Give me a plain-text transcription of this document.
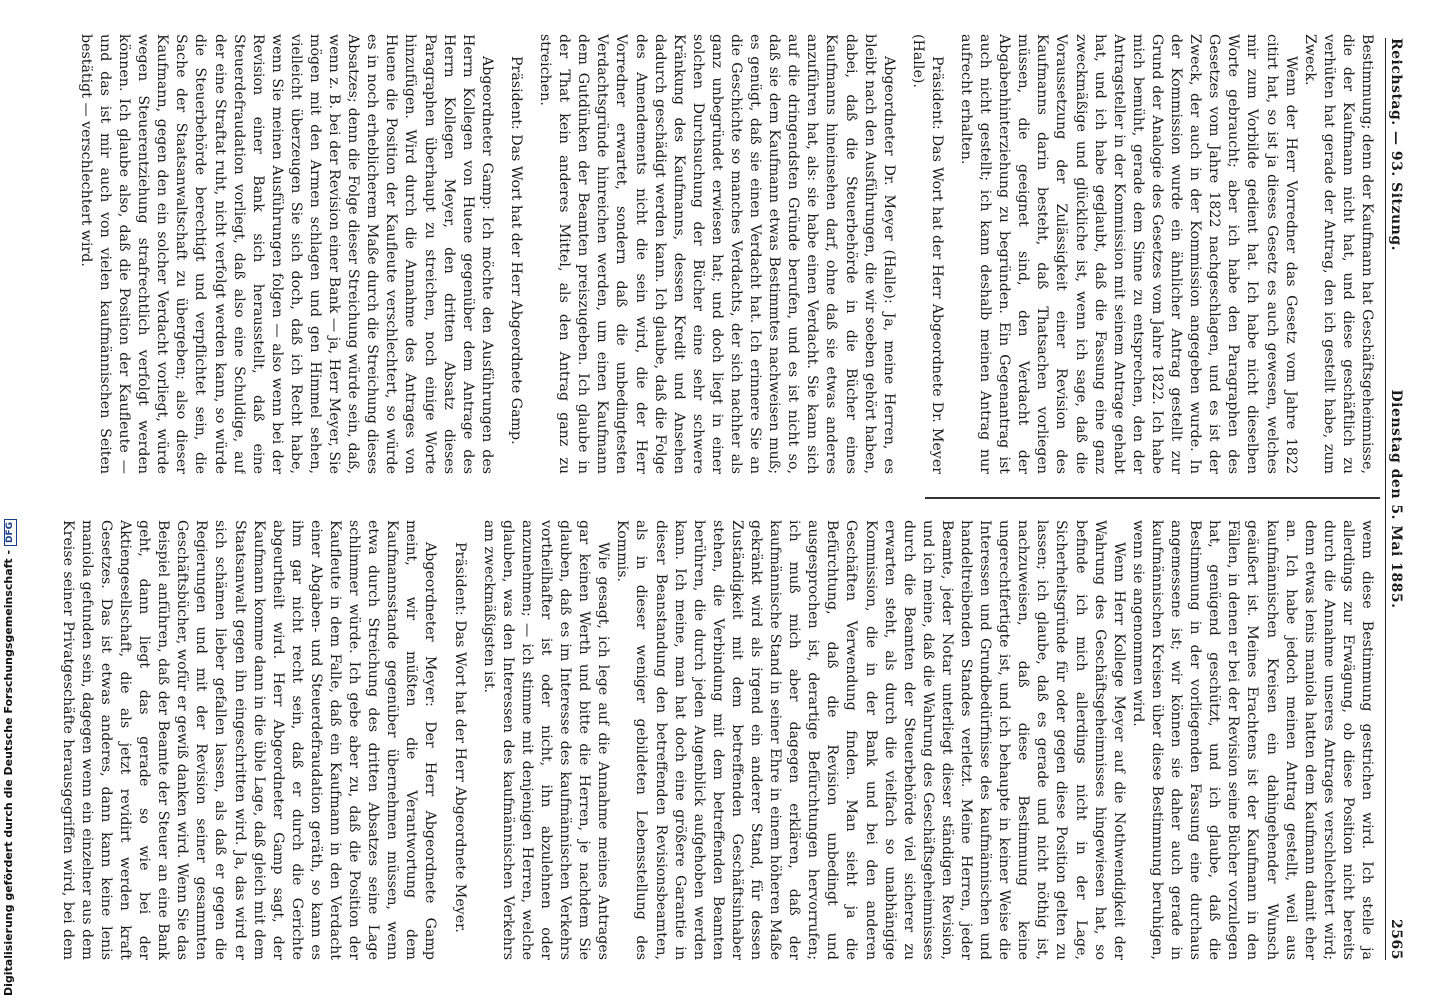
Reichstag. — 93. Sitzung.
Dienstag den 5. Mai 1885.
2565

Bestimmung; denn der Kaufmann hat Geschäftsgeheimnisse, die der Kaufmann nicht hat, und diese geschäftlich zu verhüten hat gerade der Antrag, den ich gestellt habe, zum Zweck.

Wenn der Herr Vorredner das Gesetz vom Jahre 1822 citirt hat, so ist ja dieses Gesetz es auch gewesen, welches mir zum Vorbilde gedient hat. Ich habe nicht dieselben Worte gebraucht; aber ich habe den Paragraphen des Gesetzes vom Jahre 1822 nachgeschlagen, und es ist der Zweck, der auch in der Kommission angegeben wurde. In der Kommission wurde ein ähnlicher Antrag gestellt zur Grund der Analogie des Gesetzes vom Jahre 1822. Ich habe mich bemüht, gerade dem Sinne zu entsprechen, den der Antragsteller in der Kommission mit seinem Antrage gehabt hat, und ich habe geglaubt, daß die Fassung eine ganz zweckmäßige und glückliche ist, wenn ich sage, daß die Voraussetzung der Zulässigkeit einer Revision des Kaufmanns darin besteht, daß Thatsachen vorliegen müssen, die geeignet sind, den Verdacht der Abgabenhinterziehung zu begründen. Ein Gegenantrag ist auch nicht gestellt; ich kann deshalb meinen Antrag nur aufrecht erhalten.

Präsident: Das Wort hat der Herr Abgeordnete Dr. Meyer (Halle).

Abgeordneter Dr. Meyer (Halle): Ja, meine Herren, es bleibt nach den Ausführungen, die wir soeben gehört haben, dabei, daß die Steuerbehörde in die Bücher eines Kaufmanns hineinsehen darf, ohne daß sie etwas anderes anzuführen hat, als: sie habe einen Verdacht. Sie kann sich auf die dringendsten Gründe berufen, und es ist nicht so, daß sie dem Kaufmann etwas Bestimmtes nachweisen muß; es genügt, daß sie einen Verdacht hat. Ich erinnere Sie an die Geschichte so manches Verdachts, der sich nachher als ganz unbegründet erwiesen hat; und doch liegt in einer solchen Durchsuchung der Bücher eine sehr schwere Kränkung des Kaufmanns, dessen Kredit und Ansehen dadurch geschädigt werden kann. Ich glaube, daß die Folge des Amendements nicht die sein wird, die der Herr Vorredner erwartet, sondern daß die unbedingtesten Verdachtsgründe hinreichen werden, um einen Kaufmann dem Gutdünken der Beamten preiszugeben. Ich glaube in der That kein anderes Mittel, als den Antrag ganz zu streichen.

Präsident: Das Wort hat der Herr Abgeordnete Gamp.

Abgeordneter Gamp: Ich möchte den Ausführungen des Herrn Kollegen von Huene gegenüber dem Antrage des Herrn Kollegen Meyer, den dritten Absatz dieses Paragraphen überhaupt zu streichen, noch einige Worte hinzufügen. Wird durch die Annahme des Antrages von Huene die Position der Kaufleute verschlechtert, so würde es in noch erheblicherem Maße durch die Streichung dieses Absatzes; denn die Folge dieser Streichung würde sein, daß, wenn z. B. bei der Revision einer Bank — ja, Herr Meyer, Sie mögen mit den Armen schlagen und gen Himmel sehen, vielleicht überzeugen Sie sich doch, daß ich Recht habe, wenn Sie meinen Ausführungen folgen — also wenn bei der Revision einer Bank sich herausstellt, daß eine Steuerdefraudation vorliegt, daß also eine Schuldige, auf der eine Straftat ruht, nicht verfolgt werden kann, so würde die Steuerbehörde berechtigt und verpflichtet sein, die Sache der Staatsanwaltschaft zu übergeben; also dieser Kaufmann, gegen den ein solcher Verdacht vorliegt, würde wegen Steuerentziehung strafrechtlich verfolgt werden können. Ich glaube also, daß die Position der Kaufleute — und das ist mir auch von vielen kaufmännischen Seiten bestätigt — verschlechtert wird.

wenn diese Bestimmung gestrichen wird. Ich stelle ja allerdings zur Erwägung, ob diese Position nicht bereits durch die Annahme unseres Antrages verschlechtert wird; denn etwas lenis maniola hatten dem Kaufmann damit eher an. Ich habe jedoch meinen Antrag gestellt, weil aus kaufmännischen Kreisen ein dahingehender Wunsch geäußert ist. Meines Erachtens ist der Kaufmann in den Fällen, in denen er bei der Revision seine Bücher vorzulegen hat, genügend geschützt, und ich glaube, daß die Bestimmung in der vorliegenden Fassung eine durchaus angemessene ist; wir können sie daher auch gerade in kaufmännischen Kreisen über diese Bestimmung beruhigen, wenn sie angenommen wird.

Wenn Herr Kollege Meyer auf die Nothwendigkeit der Wahrung des Geschäftsgeheimnisses hingewiesen hat, so befinde ich mich allerdings nicht in der Lage, Sicherheitsgründe für oder gegen diese Position gelten zu lassen; ich glaube, daß es gerade und nicht nöthig ist, nachzuweisen, daß diese Bestimmung keine ungerechtfertigte ist, und ich behaupte in keiner Weise die Interessen und Grundbedürfnisse des kaufmännischen und handeltreibenden Standes verletzt. Meine Herren, jeder Beamte, jeder Notar unterliegt dieser ständigen Revision, und ich meine, daß die Wahrung des Geschäftsgeheimnisses durch die Beamten der Steuerbehörde viel sicherer zu erwarten steht, als durch die vielfach so unabhängige Kommission, die in der Bank und bei den anderen Geschäften Verwendung finden. Man sieht ja die Befürchtung, daß die Revision unbedingt und ausgesprochen ist, derartige Befürchtungen hervorrufen; ich muß mich aber dagegen erklären, daß der kaufmännische Stand in seiner Ehre in einem höheren Maße gekränkt wird als irgend ein anderer Stand, für dessen Zuständigkeit mit dem betreffenden Geschäftsinhaber stehen, die Verbindung mit dem betreffenden Beamten berühren, die durch jeden Augenblick aufgehoben werden kann. Ich meine, man hat doch eine größere Garantie in dieser Beanstandung den betreffenden Revisionsbeamten, als in dieser weniger gebildeten Lebensstellung des Kommis.

Wie gesagt, ich lege auf die Annahme meines Antrages gar keinen Werth und bitte die Herren, je nachdem Sie glauben, daß es im Interesse des kaufmännischen Verkehrs vortheilhafter ist oder nicht, ihn abzulehnen oder anzunehmen; — ich stimme mit denjenigen Herren, welche glauben, was den Interessen des kaufmännischen Verkehrs am zweckmäßigsten ist.

Präsident: Das Wort hat der Herr Abgeordnete Meyer.

Abgeordneter Meyer: Der Herr Abgeordnete Gamp meint, wir müßten die Verantwortung dem Kaufmannsstande gegenüber übernehmen müssen, wenn etwa durch Streichung des dritten Absatzes seine Lage schlimmer würde. Ich gebe aber zu, daß die Position der Kaufleute in dem Falle, daß ein Kaufmann in den Verdacht einer Abgaben- und Steuerdefraudation geräth, so kann es ihm gar nicht recht sein, daß er durch die Gerichte abgeurtheilt wird. Herr Abgeordneter Gamp sagt, der Kaufmann komme dann in die üble Lage, daß gleich mit dem Staatsanwalt gegen ihn eingeschritten wird. Ja, das wird er sich schämen lieber gefallen lassen, als daß er gegen die Regierungen und mit der Revision seiner gesammten Geschäftsbücher, wofür er gewiß danken wird. Wenn Sie das Beispiel anführen, daß der Beamte der Steuer an eine Bank geht, dann liegt das gerade so wie bei der Aktiengesellschaft, die als jetzt revidirt werden kraft Gesetzes. Das ist etwas anderes, dann kann keine lenis maniola gefunden sein, dagegen wenn ein einzelner aus dem Kreise seiner Privatgeschäfte herausgegriffen wird, bei dem

Digitalisierung gefördert durch die Deutsche Forschungsgemeinschaft -DFG
